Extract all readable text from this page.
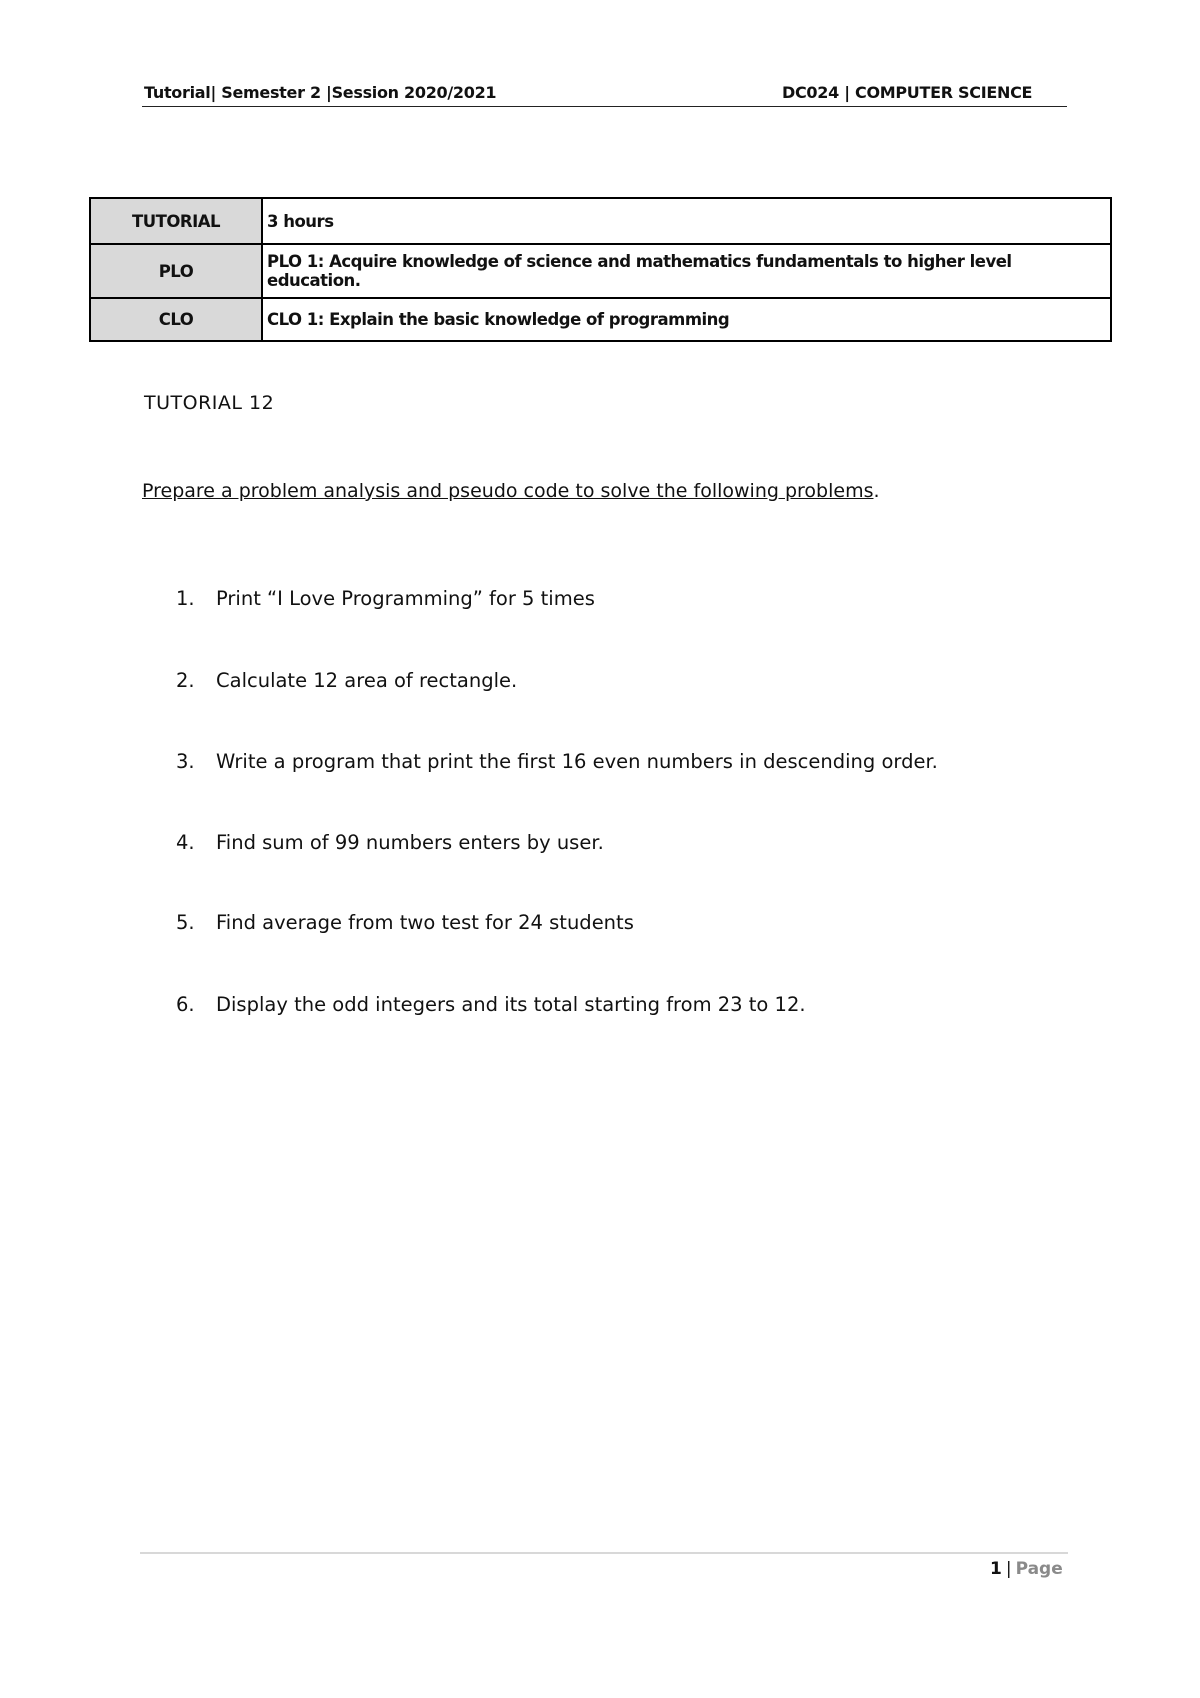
Tutorial| Semester 2 |Session 2020/2021	DC024 | COMPUTER SCIENCE
TUTORIAL	3 hours
PLO	PLO 1: Acquire knowledge of science and mathematics fundamentals to higher level education.
CLO	CLO 1: Explain the basic knowledge of programming
TUTORIAL 12
Prepare a problem analysis and pseudo code to solve the following problems.
1. Print “I Love Programming” for 5 times
2. Calculate 12 area of rectangle.
3. Write a program that print the first 16 even numbers in descending order.
4. Find sum of 99 numbers enters by user.
5. Find average from two test for 24 students
6. Display the odd integers and its total starting from 23 to 12.
1 | Page
